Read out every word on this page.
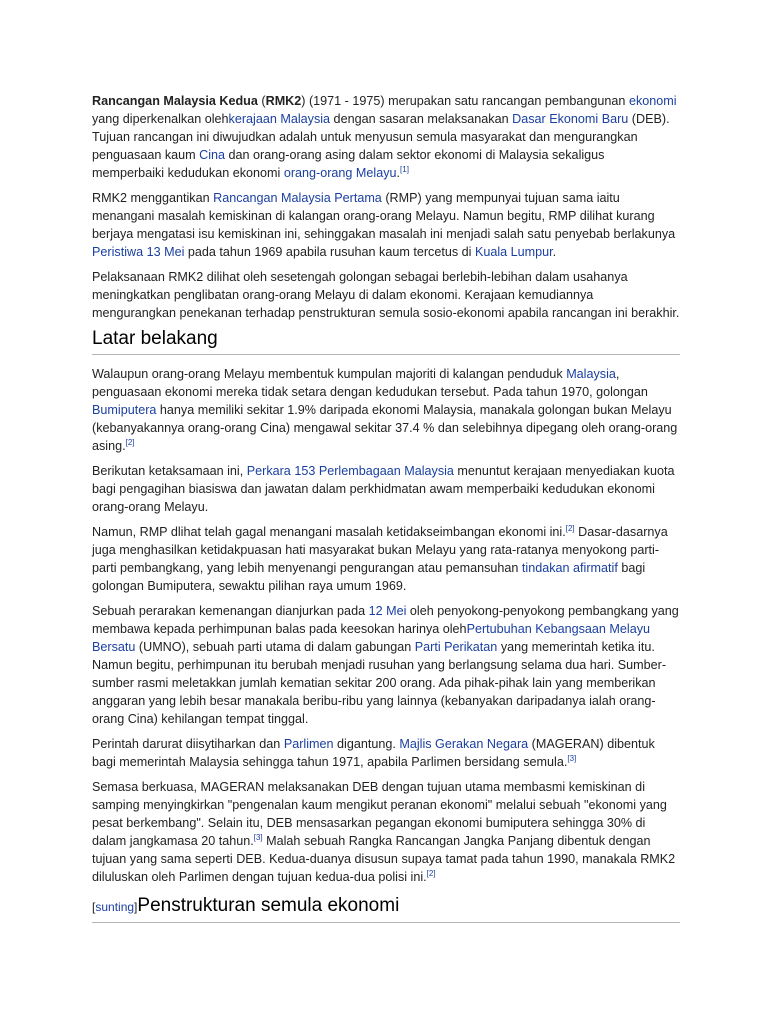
Rancangan Malaysia Kedua (RMK2) (1971 - 1975) merupakan satu rancangan pembangunan ekonomi yang diperkenalkan olehkerajaan Malaysia dengan sasaran melaksanakan Dasar Ekonomi Baru (DEB). Tujuan rancangan ini diwujudkan adalah untuk menyusun semula masyarakat dan mengurangkan penguasaan kaum Cina dan orang-orang asing dalam sektor ekonomi di Malaysia sekaligus memperbaiki kedudukan ekonomi orang-orang Melayu.[1]

RMK2 menggantikan Rancangan Malaysia Pertama (RMP) yang mempunyai tujuan sama iaitu menangani masalah kemiskinan di kalangan orang-orang Melayu. Namun begitu, RMP dilihat kurang berjaya mengatasi isu kemiskinan ini, sehinggakan masalah ini menjadi salah satu penyebab berlakunya Peristiwa 13 Mei pada tahun 1969 apabila rusuhan kaum tercetus di Kuala Lumpur.

Pelaksanaan RMK2 dilihat oleh sesetengah golongan sebagai berlebih-lebihan dalam usahanya meningkatkan penglibatan orang-orang Melayu di dalam ekonomi. Kerajaan kemudiannya mengurangkan penekanan terhadap penstrukturan semula sosio-ekonomi apabila rancangan ini berakhir.

Latar belakang

Walaupun orang-orang Melayu membentuk kumpulan majoriti di kalangan penduduk Malaysia, penguasaan ekonomi mereka tidak setara dengan kedudukan tersebut. Pada tahun 1970, golongan Bumiputera hanya memiliki sekitar 1.9% daripada ekonomi Malaysia, manakala golongan bukan Melayu (kebanyakannya orang-orang Cina) mengawal sekitar 37.4 % dan selebihnya dipegang oleh orang-orang asing.[2]

Berikutan ketaksamaan ini, Perkara 153 Perlembagaan Malaysia menuntut kerajaan menyediakan kuota bagi pengagihan biasiswa dan jawatan dalam perkhidmatan awam memperbaiki kedudukan ekonomi orang-orang Melayu.

Namun, RMP dlihat telah gagal menangani masalah ketidakseimbangan ekonomi ini.[2] Dasar-dasarnya juga menghasilkan ketidakpuasan hati masyarakat bukan Melayu yang rata-ratanya menyokong parti-parti pembangkang, yang lebih menyenangi pengurangan atau pemansuhan tindakan afirmatif bagi golongan Bumiputera, sewaktu pilihan raya umum 1969.

Sebuah perarakan kemenangan dianjurkan pada 12 Mei oleh penyokong-penyokong pembangkang yang membawa kepada perhimpunan balas pada keesokan harinya olehPertubuhan Kebangsaan Melayu Bersatu (UMNO), sebuah parti utama di dalam gabungan Parti Perikatan yang memerintah ketika itu. Namun begitu, perhimpunan itu berubah menjadi rusuhan yang berlangsung selama dua hari. Sumber-sumber rasmi meletakkan jumlah kematian sekitar 200 orang. Ada pihak-pihak lain yang memberikan anggaran yang lebih besar manakala beribu-ribu yang lainnya (kebanyakan daripadanya ialah orang-orang Cina) kehilangan tempat tinggal.

Perintah darurat diisytiharkan dan Parlimen digantung. Majlis Gerakan Negara (MAGERAN) dibentuk bagi memerintah Malaysia sehingga tahun 1971, apabila Parlimen bersidang semula.[3]

Semasa berkuasa, MAGERAN melaksanakan DEB dengan tujuan utama membasmi kemiskinan di samping menyingkirkan "pengenalan kaum mengikut peranan ekonomi" melalui sebuah "ekonomi yang pesat berkembang". Selain itu, DEB mensasarkan pegangan ekonomi bumiputera sehingga 30% di dalam jangkamasa 20 tahun.[3] Malah sebuah Rangka Rancangan Jangka Panjang dibentuk dengan tujuan yang sama seperti DEB. Kedua-duanya disusun supaya tamat pada tahun 1990, manakala RMK2 diluluskan oleh Parlimen dengan tujuan kedua-dua polisi ini.[2]

[sunting]Penstrukturan semula ekonomi
